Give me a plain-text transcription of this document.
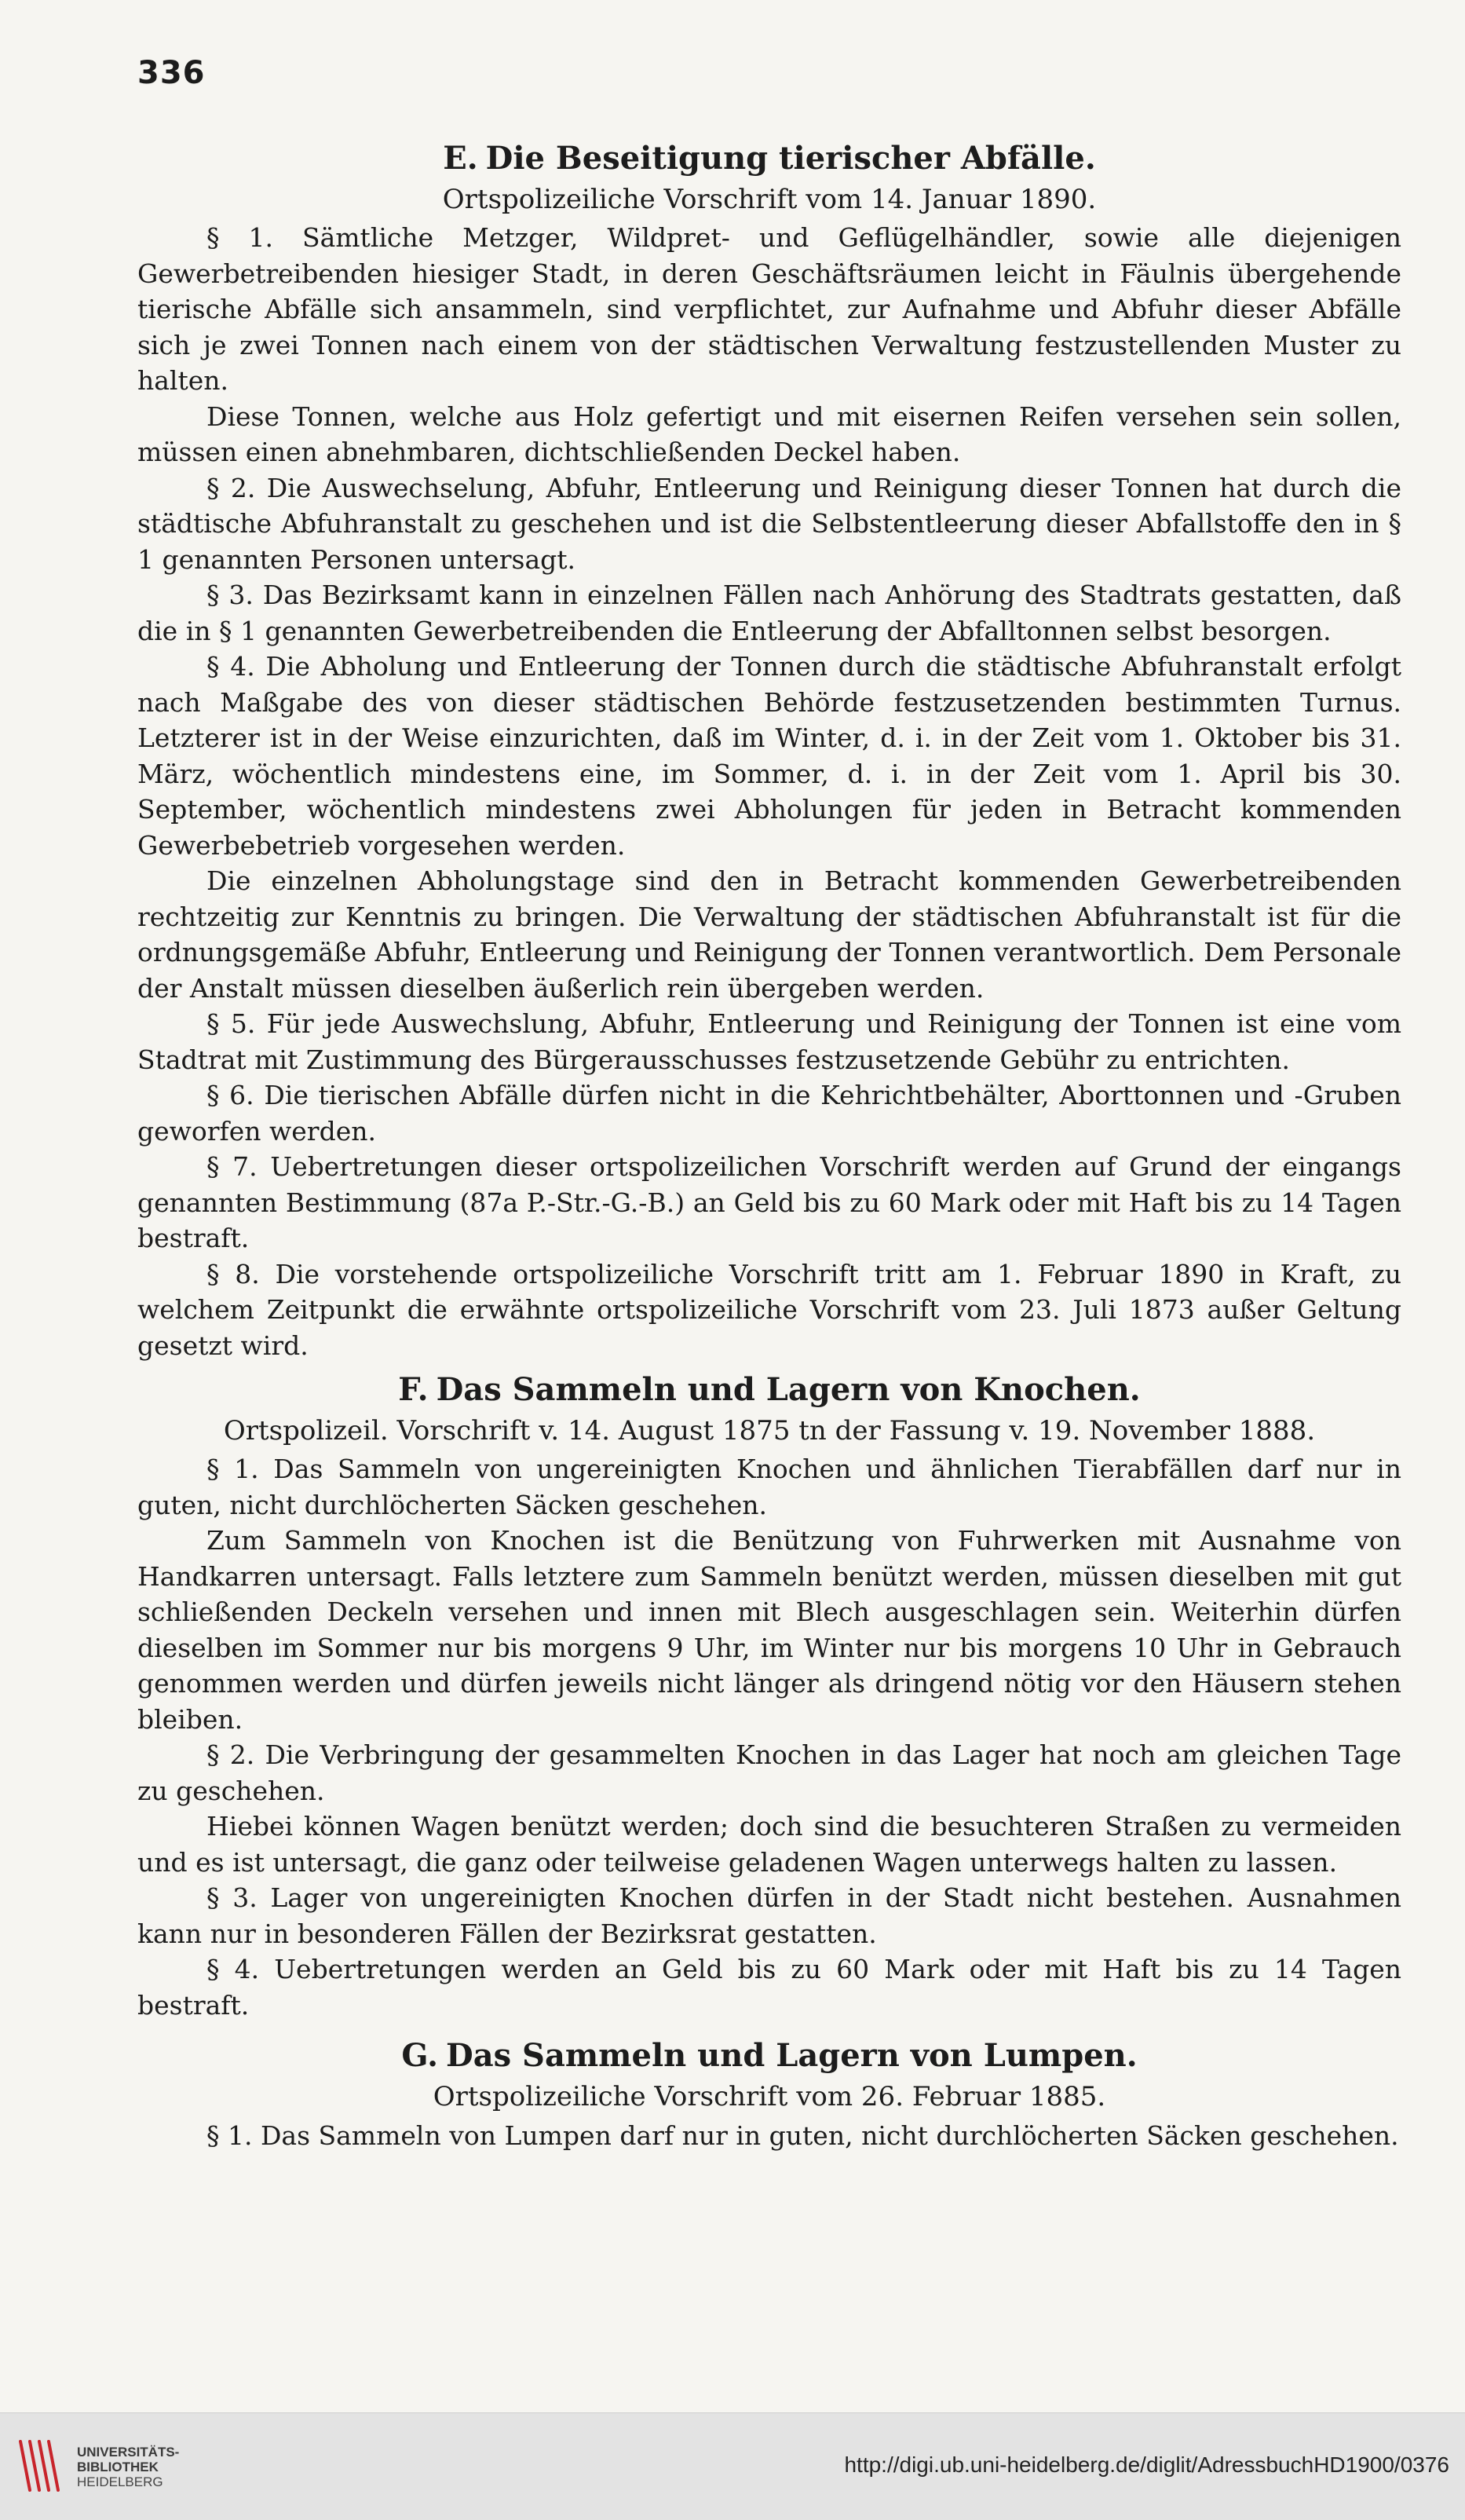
336
E. Die Beseitigung tierischer Abfälle.
Ortspolizeiliche Vorschrift vom 14. Januar 1890.

§ 1. Sämtliche Metzger, Wildpret- und Geflügelhändler, sowie alle diejenigen Gewerbetreibenden hiesiger Stadt, in deren Geschäftsräumen leicht in Fäulnis übergehende tierische Abfälle sich ansammeln, sind verpflichtet, zur Aufnahme und Abfuhr dieser Abfälle sich je zwei Tonnen nach einem von der städtischen Verwaltung festzustellenden Muster zu halten.

Diese Tonnen, welche aus Holz gefertigt und mit eisernen Reifen versehen sein sollen, müssen einen abnehmbaren, dichtschließenden Deckel haben.

§ 2. Die Auswechselung, Abfuhr, Entleerung und Reinigung dieser Tonnen hat durch die städtische Abfuhranstalt zu geschehen und ist die Selbstentleerung dieser Abfallstoffe den in § 1 genannten Personen untersagt.

§ 3. Das Bezirksamt kann in einzelnen Fällen nach Anhörung des Stadtrats gestatten, daß die in § 1 genannten Gewerbetreibenden die Entleerung der Abfalltonnen selbst besorgen.

§ 4. Die Abholung und Entleerung der Tonnen durch die städtische Abfuhranstalt erfolgt nach Maßgabe des von dieser städtischen Behörde festzusetzenden bestimmten Turnus. Letzterer ist in der Weise einzurichten, daß im Winter, d. i. in der Zeit vom 1. Oktober bis 31. März, wöchentlich mindestens eine, im Sommer, d. i. in der Zeit vom 1. April bis 30. September, wöchentlich mindestens zwei Abholungen für jeden in Betracht kommenden Gewerbebetrieb vorgesehen werden.

Die einzelnen Abholungstage sind den in Betracht kommenden Gewerbetreibenden rechtzeitig zur Kenntnis zu bringen. Die Verwaltung der städtischen Abfuhranstalt ist für die ordnungsgemäße Abfuhr, Entleerung und Reinigung der Tonnen verantwortlich. Dem Personale der Anstalt müssen dieselben äußerlich rein übergeben werden.

§ 5. Für jede Auswechslung, Abfuhr, Entleerung und Reinigung der Tonnen ist eine vom Stadtrat mit Zustimmung des Bürgerausschusses festzusetzende Gebühr zu entrichten.

§ 6. Die tierischen Abfälle dürfen nicht in die Kehrichtbehälter, Aborttonnen und -Gruben geworfen werden.

§ 7. Uebertretungen dieser ortspolizeilichen Vorschrift werden auf Grund der eingangs genannten Bestimmung (87a P.-Str.-G.-B.) an Geld bis zu 60 Mark oder mit Haft bis zu 14 Tagen bestraft.

§ 8. Die vorstehende ortspolizeiliche Vorschrift tritt am 1. Februar 1890 in Kraft, zu welchem Zeitpunkt die erwähnte ortspolizeiliche Vorschrift vom 23. Juli 1873 außer Geltung gesetzt wird.

F. Das Sammeln und Lagern von Knochen.
Ortspolizeil. Vorschrift v. 14. August 1875 tn der Fassung v. 19. November 1888.

§ 1. Das Sammeln von ungereinigten Knochen und ähnlichen Tierabfällen darf nur in guten, nicht durchlöcherten Säcken geschehen.

Zum Sammeln von Knochen ist die Benützung von Fuhrwerken mit Ausnahme von Handkarren untersagt. Falls letztere zum Sammeln benützt werden, müssen dieselben mit gut schließenden Deckeln versehen und innen mit Blech ausgeschlagen sein. Weiterhin dürfen dieselben im Sommer nur bis morgens 9 Uhr, im Winter nur bis morgens 10 Uhr in Gebrauch genommen werden und dürfen jeweils nicht länger als dringend nötig vor den Häusern stehen bleiben.

§ 2. Die Verbringung der gesammelten Knochen in das Lager hat noch am gleichen Tage zu geschehen.

Hiebei können Wagen benützt werden; doch sind die besuchteren Straßen zu vermeiden und es ist untersagt, die ganz oder teilweise geladenen Wagen unterwegs halten zu lassen.

§ 3. Lager von ungereinigten Knochen dürfen in der Stadt nicht bestehen. Ausnahmen kann nur in besonderen Fällen der Bezirksrat gestatten.

§ 4. Uebertretungen werden an Geld bis zu 60 Mark oder mit Haft bis zu 14 Tagen bestraft.

G. Das Sammeln und Lagern von Lumpen.
Ortspolizeiliche Vorschrift vom 26. Februar 1885.

§ 1. Das Sammeln von Lumpen darf nur in guten, nicht durchlöcherten Säcken geschehen.

UNIVERSITÄTS-
BIBLIOTHEK
HEIDELBERG
http://digi.ub.uni-heidelberg.de/diglit/AdressbuchHD1900/0376
